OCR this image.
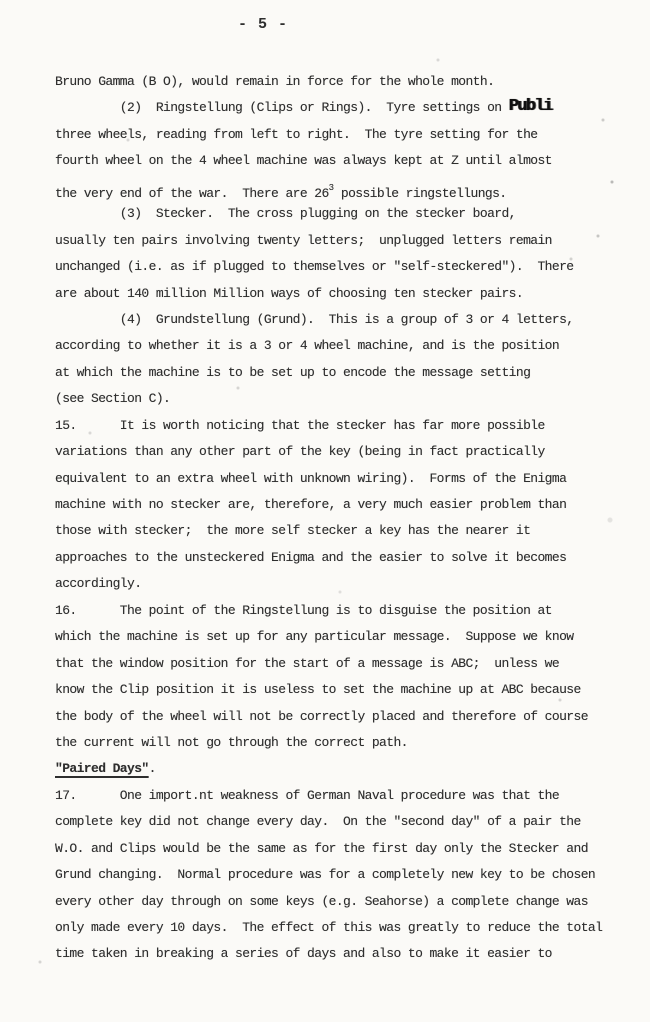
- 5 -
Bruno Gamma (B O), would remain in force for the whole month.
(2)  Ringstellung (Clips or Rings).  Tyre settings on Publi
three wheels, reading from left to right.  The tyre setting for the
fourth wheel on the 4 wheel machine was always kept at Z until almost
the very end of the war.  There are $26^3$ possible ringstellungs.
(3)  Stecker.  The cross plugging on the stecker board,
usually ten pairs involving twenty letters;  unplugged letters remain
unchanged (i.e. as if plugged to themselves or "self-steckered").  There
are about 140 million Million ways of choosing ten stecker pairs.
(4)  Grundstellung (Grund).  This is a group of 3 or 4 letters,
according to whether it is a 3 or 4 wheel machine, and is the position
at which the machine is to be set up to encode the message setting
(see Section C).
15.      It is worth noticing that the stecker has far more possible
variations than any other part of the key (being in fact practically
equivalent to an extra wheel with unknown wiring).  Forms of the Enigma
machine with no stecker are, therefore, a very much easier problem than
those with stecker;  the more self stecker a key has the nearer it
approaches to the unsteckered Enigma and the easier to solve it becomes
accordingly.
16.      The point of the Ringstellung is to disguise the position at
which the machine is set up for any particular message.  Suppose we know
that the window position for the start of a message is ABC;  unless we
know the Clip position it is useless to set the machine up at ABC because
the body of the wheel will not be correctly placed and therefore of course
the current will not go through the correct path.
"Paired Days".
17.      One import.nt weakness of German Naval procedure was that the
complete key did not change every day.  On the "second day" of a pair the
W.O. and Clips would be the same as for the first day only the Stecker and
Grund changing.  Normal procedure was for a completely new key to be chosen
every other day through on some keys (e.g. Seahorse) a complete change was
only made every 10 days.  The effect of this was greatly to reduce the total
time taken in breaking a series of days and also to make it easier to
